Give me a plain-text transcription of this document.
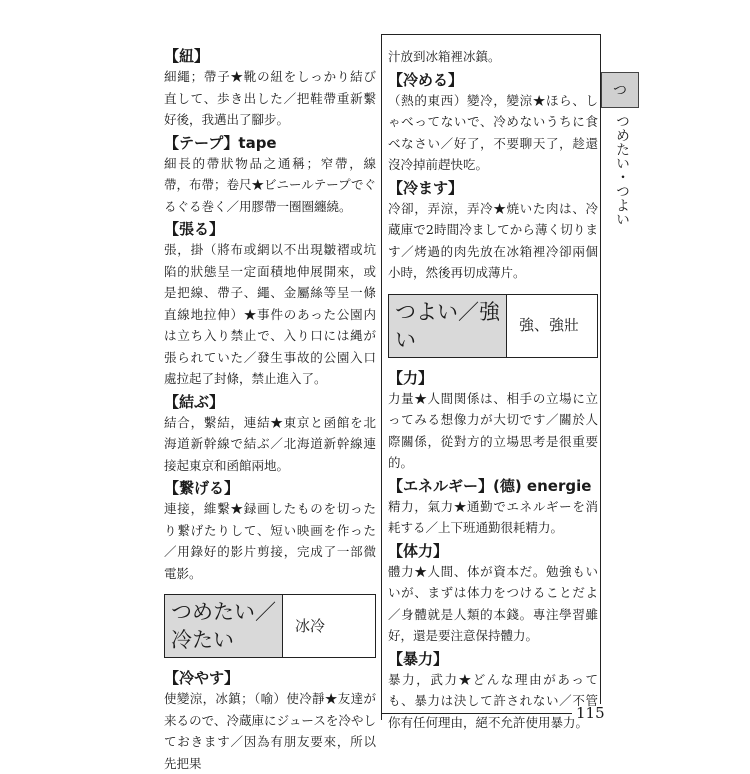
【紐】
細繩；帶子★靴の紐をしっかり結び直して、歩き出した／把鞋帶重新繫好後，我邁出了腳步。
【テープ】tape
細長的帶狀物品之通稱；窄帶，線帶，布帶；卷尺★ビニールテープでぐるぐる巻く／用膠帶一圈圈纏繞。
【張る】
張，掛（將布或網以不出現皺褶或坑陷的狀態呈一定面積地伸展開來，或是把線、帶子、繩、金屬絲等呈一條直線地拉伸）★事件のあった公園内は立ち入り禁止で、入り口には縄が張られていた／發生事故的公園入口處拉起了封條，禁止進入了。
【結ぶ】
結合，繫結，連結★東京と函館を北海道新幹線で結ぶ／北海道新幹線連接起東京和函館兩地。
【繋げる】
連接，維繫★録画したものを切ったり繋げたりして、短い映画を作った／用錄好的影片剪接，完成了一部微電影。
つめたい／冷たい
冰冷
【冷やす】
使變涼，冰鎮；（喻）使冷靜★友達が来るので、冷蔵庫にジュースを冷やしておきます／因為有朋友要來，所以先把果
汁放到冰箱裡冰鎮。
【冷める】
（熱的東西）變冷，變涼★ほら、しゃべってないで、冷めないうちに食べなさい／好了，不要聊天了，趁還沒冷掉前趕快吃。
【冷ます】
冷卻，弄涼，弄冷★焼いた肉は、冷蔵庫で2時間冷ましてから薄く切ります／烤過的肉先放在冰箱裡冷卻兩個小時，然後再切成薄片。
つよい／強い
強、強壯
【力】
力量★人間関係は、相手の立場に立ってみる想像力が大切です／關於人際關係，從對方的立場思考是很重要的。
【エネルギー】(德) energie
精力，氣力★通勤でエネルギーを消耗する／上下班通勤很耗精力。
【体力】
體力★人間、体が資本だ。勉強もいいが、まずは体力をつけることだよ／身體就是人類的本錢。專注學習雖好，還是要注意保持體力。
【暴力】
暴力，武力★どんな理由があっても、暴力は決して許されない／不管你有任何理由，絕不允許使用暴力。
つ
つめたい・つよい
115
